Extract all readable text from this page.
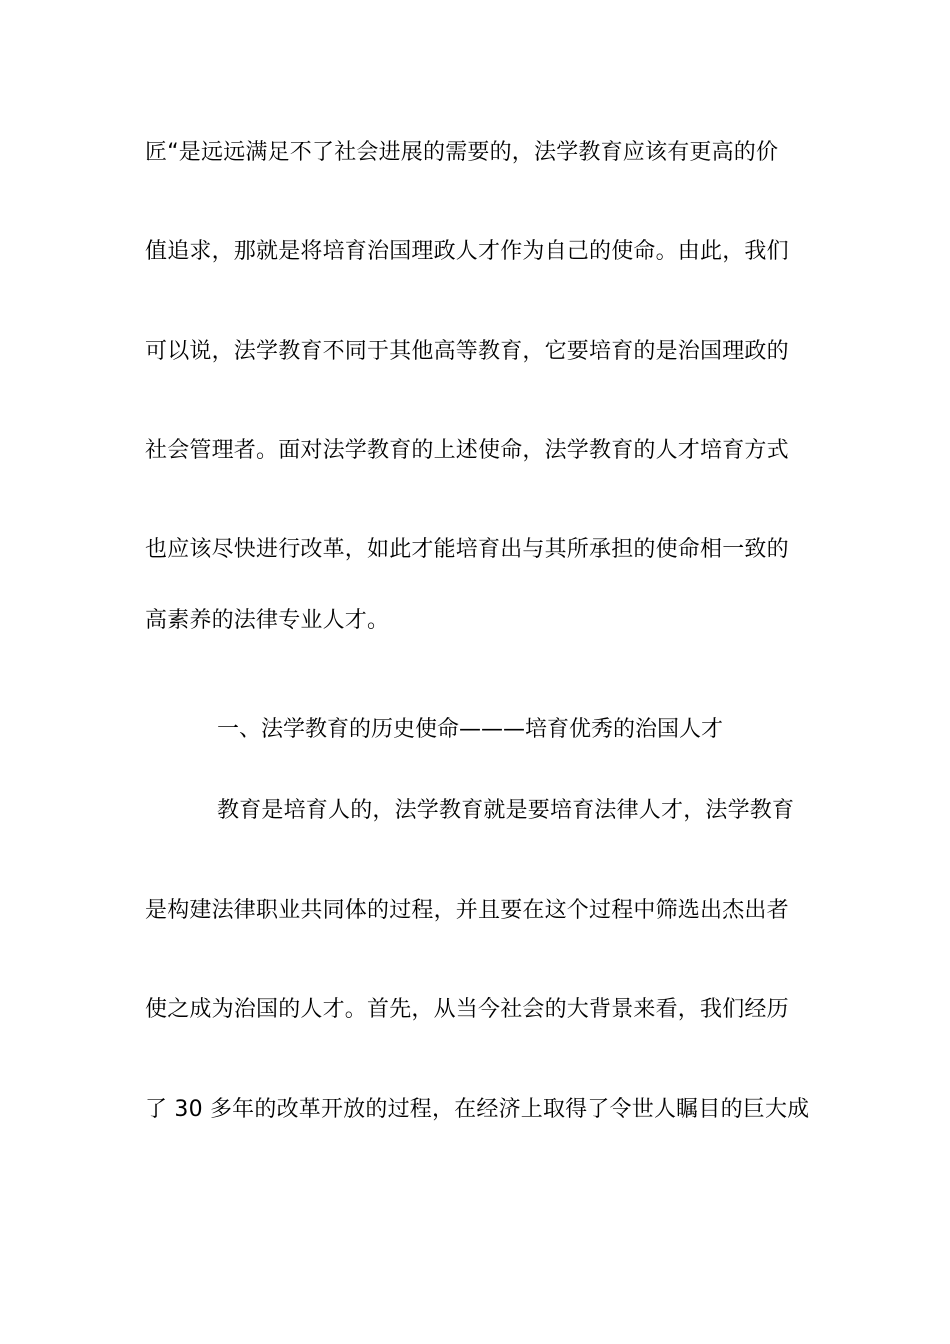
匠“是远远满足不了社会进展的需要的，法学教育应该有更高的价
值追求，那就是将培育治国理政人才作为自己的使命。由此，我们
可以说，法学教育不同于其他高等教育，它要培育的是治国理政的
社会管理者。面对法学教育的上述使命，法学教育的人才培育方式
也应该尽快进行改革，如此才能培育出与其所承担的使命相一致的
高素养的法律专业人才。
一、法学教育的历史使命———培育优秀的治国人才
教育是培育人的，法学教育就是要培育法律人才，法学教育
是构建法律职业共同体的过程，并且要在这个过程中筛选出杰出者
使之成为治国的人才。首先，从当今社会的大背景来看，我们经历
了 30 多年的改革开放的过程，在经济上取得了令世人瞩目的巨大成
